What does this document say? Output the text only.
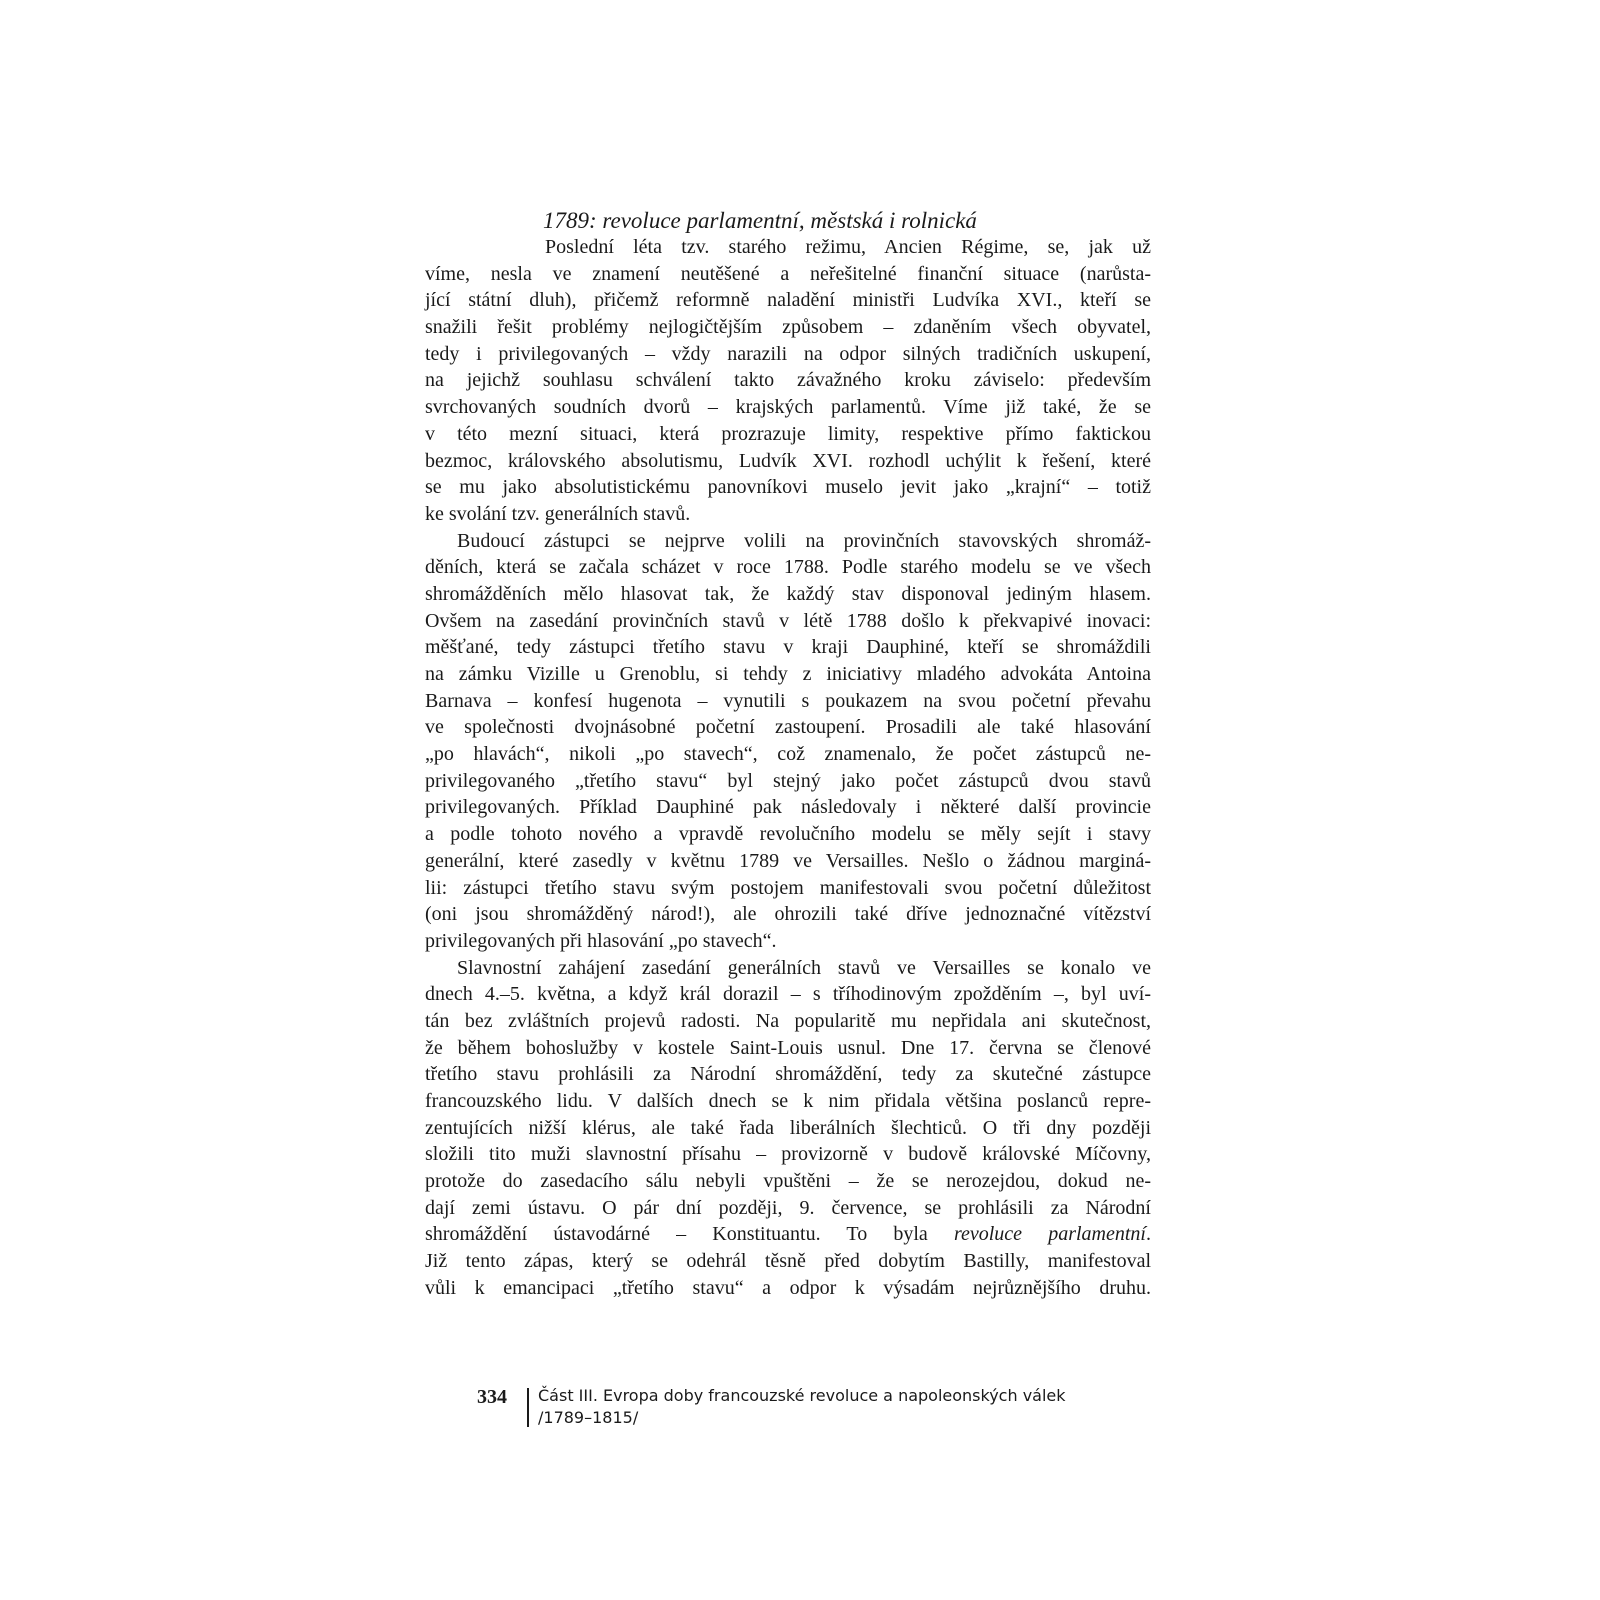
1789: revoluce parlamentní, městská i rolnická
Poslední léta tzv. starého režimu, Ancien Régime, se, jak už
víme, nesla ve znamení neutěšené a neřešitelné finanční situace (narůsta-
jící státní dluh), přičemž reformně naladění ministři Ludvíka XVI., kteří se
snažili řešit problémy nejlogičtějším způsobem – zdaněním všech obyvatel,
tedy i privilegovaných – vždy narazili na odpor silných tradičních uskupení,
na jejichž souhlasu schválení takto závažného kroku záviselo: především
svrchovaných soudních dvorů – krajských parlamentů. Víme již také, že se
v této mezní situaci, která prozrazuje limity, respektive přímo faktickou
bezmoc, královského absolutismu, Ludvík XVI. rozhodl uchýlit k řešení, které
se mu jako absolutistickému panovníkovi muselo jevit jako „krajní“ – totiž
ke svolání tzv. generálních stavů.
Budoucí zástupci se nejprve volili na provinčních stavovských shromáž-
děních, která se začala scházet v roce 1788. Podle starého modelu se ve všech
shromážděních mělo hlasovat tak, že každý stav disponoval jediným hlasem.
Ovšem na zasedání provinčních stavů v létě 1788 došlo k překvapivé inovaci:
měšťané, tedy zástupci třetího stavu v kraji Dauphiné, kteří se shromáždili
na zámku Vizille u Grenoblu, si tehdy z iniciativy mladého advokáta Antoina
Barnava – konfesí hugenota – vynutili s poukazem na svou početní převahu
ve společnosti dvojnásobné početní zastoupení. Prosadili ale také hlasování
„po hlavách“, nikoli „po stavech“, což znamenalo, že počet zástupců ne-
privilegovaného „třetího stavu“ byl stejný jako počet zástupců dvou stavů
privilegovaných. Příklad Dauphiné pak následovaly i některé další provincie
a podle tohoto nového a vpravdě revolučního modelu se měly sejít i stavy
generální, které zasedly v květnu 1789 ve Versailles. Nešlo o žádnou marginá-
lii: zástupci třetího stavu svým postojem manifestovali svou početní důležitost
(oni jsou shromážděný národ!), ale ohrozili také dříve jednoznačné vítězství
privilegovaných při hlasování „po stavech“.
Slavnostní zahájení zasedání generálních stavů ve Versailles se konalo ve
dnech 4.–5. května, a když král dorazil – s tříhodinovým zpožděním –, byl uví-
tán bez zvláštních projevů radosti. Na popularitě mu nepřidala ani skutečnost,
že během bohoslužby v kostele Saint-Louis usnul. Dne 17. června se členové
třetího stavu prohlásili za Národní shromáždění, tedy za skutečné zástupce
francouzského lidu. V dalších dnech se k nim přidala většina poslanců repre-
zentujících nižší klérus, ale také řada liberálních šlechticů. O tři dny později
složili tito muži slavnostní přísahu – provizorně v budově královské Míčovny,
protože do zasedacího sálu nebyli vpuštěni – že se nerozejdou, dokud ne-
dají zemi ústavu. O pár dní později, 9. července, se prohlásili za Národní
shromáždění ústavodárné – Konstituantu. To byla revoluce parlamentní.
Již tento zápas, který se odehrál těsně před dobytím Bastilly, manifestoval
vůli k emancipaci „třetího stavu“ a odpor k výsadám nejrůznějšího druhu.
334 Část III. Evropa doby francouzské revoluce a napoleonských válek
/1789–1815/
